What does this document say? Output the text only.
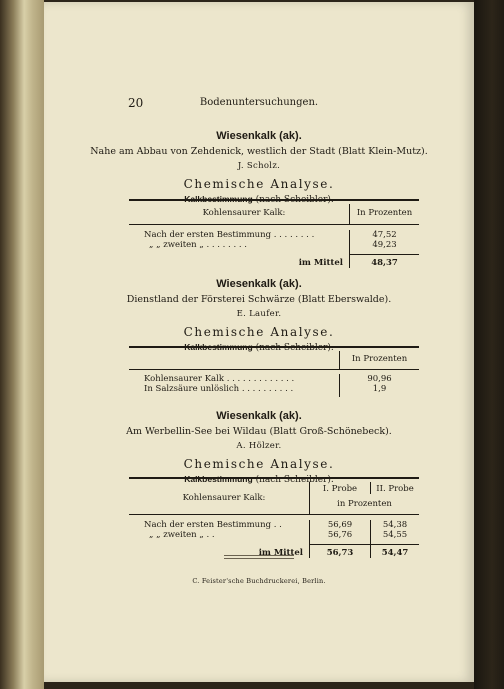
20	Bodenuntersuchungen.

Wiesenkalk (ak).

Nahe am Abbau von Zehdenick, westlich der Stadt (Blatt Klein-Mutz).
J. Scholz.
Chemische Analyse.
Kalkbestimmung (nach Scheibler).

Kohlensaurer Kalk:	In Prozenten

Nach der ersten Bestimmung . . . . . . . .	47,52
„ „ zweiten „ . . . . . . . .	49,23
im Mittel	48,37

Wiesenkalk (ak).

Dienstland der Försterei Schwärze (Blatt Eberswalde).
E. Laufer.
Chemische Analyse.
Kalkbestimmung (nach Scheibler).

	In Prozenten

Kohlensaurer Kalk . . . . . . . . . . . . .	90,96
In Salzsäure unlöslich . . . . . . . . . .	1,9

Wiesenkalk (ak).

Am Werbellin-See bei Wildau (Blatt Groß-Schönebeck).
A. Hölzer.
Chemische Analyse.
Kalkbestimmung (nach Scheibler).

Kohlensaurer Kalk:	I. Probe	II. Probe
	in Prozenten	

Nach der ersten Bestimmung . .	56,69	54,38
„ „ zweiten „ . .	56,76	54,55
im Mittel	56,73	54,47
C. Feister'sche Buchdruckerei, Berlin.
